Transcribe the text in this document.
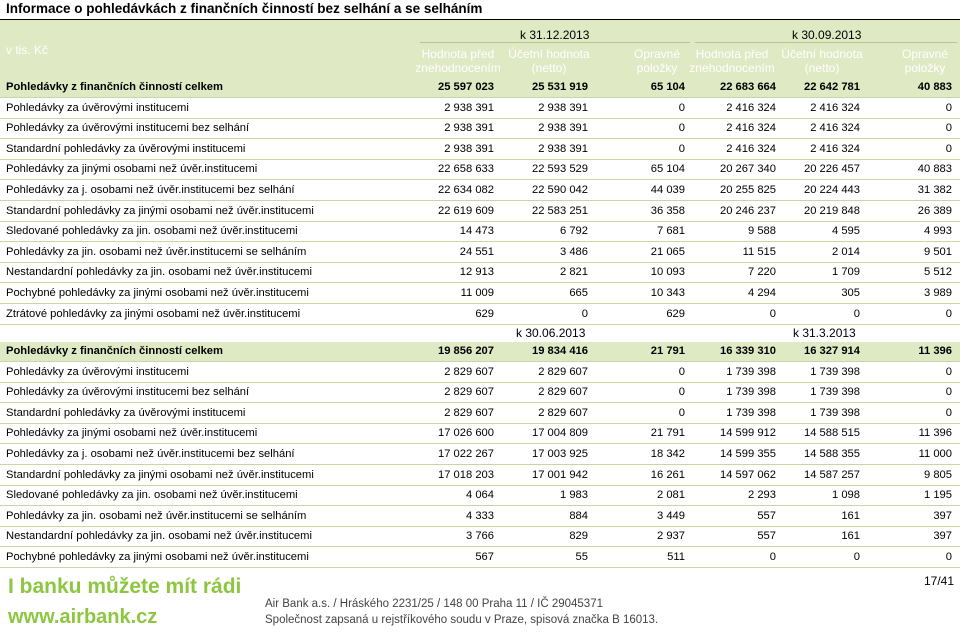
Informace o pohledávkách z finančních činností bez selhání a se selháním
v tis. Kč
k 31.12.2013	k 30.09.2013
Hodnota před znehodnocením
Účetní hodnota (netto)
Opravné položky
Hodnota před znehodnocením
Účetní hodnota (netto)
Opravné položky
Pohledávky z finančních činností celkem	25 597 023	25 531 919	65 104	22 683 664	22 642 781	40 883
Pohledávky za úvěrovými institucemi	2 938 391	2 938 391	0	2 416 324	2 416 324	0
Pohledávky za úvěrovými institucemi bez selhání	2 938 391	2 938 391	0	2 416 324	2 416 324	0
Standardní pohledávky za úvěrovými institucemi	2 938 391	2 938 391	0	2 416 324	2 416 324	0
Pohledávky za jinými osobami než úvěr.institucemi	22 658 633	22 593 529	65 104	20 267 340	20 226 457	40 883
Pohledávky za j. osobami než úvěr.institucemi bez selhání	22 634 082	22 590 042	44 039	20 255 825	20 224 443	31 382
Standardní pohledávky za jinými osobami než úvěr.institucemi	22 619 609	22 583 251	36 358	20 246 237	20 219 848	26 389
Sledované pohledávky za jin. osobami než úvěr.institucemi	14 473	6 792	7 681	9 588	4 595	4 993
Pohledávky za jin. osobami než úvěr.institucemi se selháním	24 551	3 486	21 065	11 515	2 014	9 501
Nestandardní pohledávky za jin. osobami než úvěr.institucemi	12 913	2 821	10 093	7 220	1 709	5 512
Pochybné pohledávky za jinými osobami než úvěr.institucemi	11 009	665	10 343	4 294	305	3 989
Ztrátové pohledávky za jinými osobami než úvěr.institucemi	629	0	629	0	0	0
k 30.06.2013	k 31.3.2013
Pohledávky z finančních činností celkem	19 856 207	19 834 416	21 791	16 339 310	16 327 914	11 396
Pohledávky za úvěrovými institucemi	2 829 607	2 829 607	0	1 739 398	1 739 398	0
Pohledávky za úvěrovými institucemi bez selhání	2 829 607	2 829 607	0	1 739 398	1 739 398	0
Standardní pohledávky za úvěrovými institucemi	2 829 607	2 829 607	0	1 739 398	1 739 398	0
Pohledávky za jinými osobami než úvěr.institucemi	17 026 600	17 004 809	21 791	14 599 912	14 588 515	11 396
Pohledávky za j. osobami než úvěr.institucemi bez selhání	17 022 267	17 003 925	18 342	14 599 355	14 588 355	11 000
Standardní pohledávky za jinými osobami než úvěr.institucemi	17 018 203	17 001 942	16 261	14 597 062	14 587 257	9 805
Sledované pohledávky za jin. osobami než úvěr.institucemi	4 064	1 983	2 081	2 293	1 098	1 195
Pohledávky za jin. osobami než úvěr.institucemi se selháním	4 333	884	3 449	557	161	397
Nestandardní pohledávky za jin. osobami než úvěr.institucemi	3 766	829	2 937	557	161	397
Pochybné pohledávky za jinými osobami než úvěr.institucemi	567	55	511	0	0	0
I banku můžete mít rádi
www.airbank.cz
Air Bank a.s. / Hráského 2231/25 / 148 00 Praha 11 / IČ 29045371
Společnost zapsaná u rejstříkového soudu v Praze, spisová značka B 16013.
17/41
